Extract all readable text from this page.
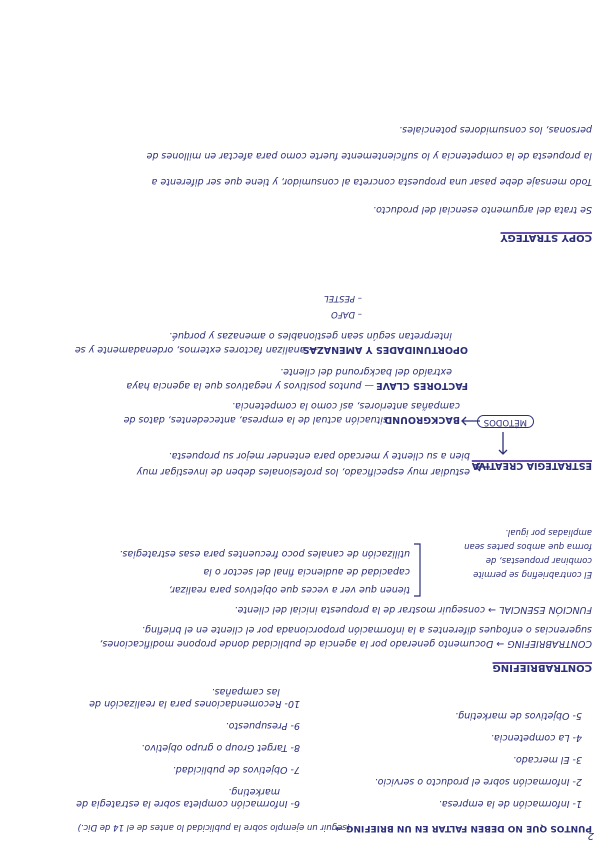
2
PUNTOS QUE NO DEBEN FALTAR EN UN BRIEFING →
(seguir un ejemplo sobre la publicidad lo antes de el 14 de Dic.)
1- Información de la empresa.
2- Información sobre el producto o servicio.
3- El mercado.
4- La competencia.
5- Objetivos de marketing.
6- Información completa sobre la estrategia de
marketing.
7- Objetivos de publicidad.
8- Target Group o grupo objetivo.
9- Presupuesto.
10- Recomendaciones para la realización de
las campañas.
CONTRABRIEFING
CONTRABRIEFING → Documento generado por la agencia de publicidad donde propone modificaciones,
sugerencias o enfoques diferentes a la información proporcionada por el cliente en el briefing.
FUNCIÓN ESENCIAL → conseguir mostrar de la propuesta inicial del cliente.
tienen que ver a veces que objetivos para realizar,
capacidad de audiencia final del sector o la
utilización de canales poco frecuentes para esas estrategias.
El contrabriefing se permite
combinar propuestas, de
forma que ambos partes sean
ampliadas por igual.
ESTRATEGIA CREATIVA
estudiar muy especificado, los profesionales deben de investigar muy
bien a su cliente y mercado para entender mejor su propuesta.
MÉTODOS
BACKGROUND
situación actual de la empresa, antecedentes, datos de
campañas anteriores, así como la competencia.
FACTORES CLAVE
— puntos positivos y negativos que la agencia haya
extraído del background del cliente.
OPORTUNIDADES Y AMENAZAS
— analizan factores externos, ordenadamente y se
interpretan según sean gestionables o amenazas y porqué.
– DAFO
– PESTEL
COPY STRATEGY
Se trata del argumento esencial del producto.
Todo mensaje debe pasar una propuesta concreta al consumidor, y tiene que ser diferente a
la propuesta de la competencia y lo suficientemente fuerte como para afectar en millones de
personas, los consumidores potenciales.
